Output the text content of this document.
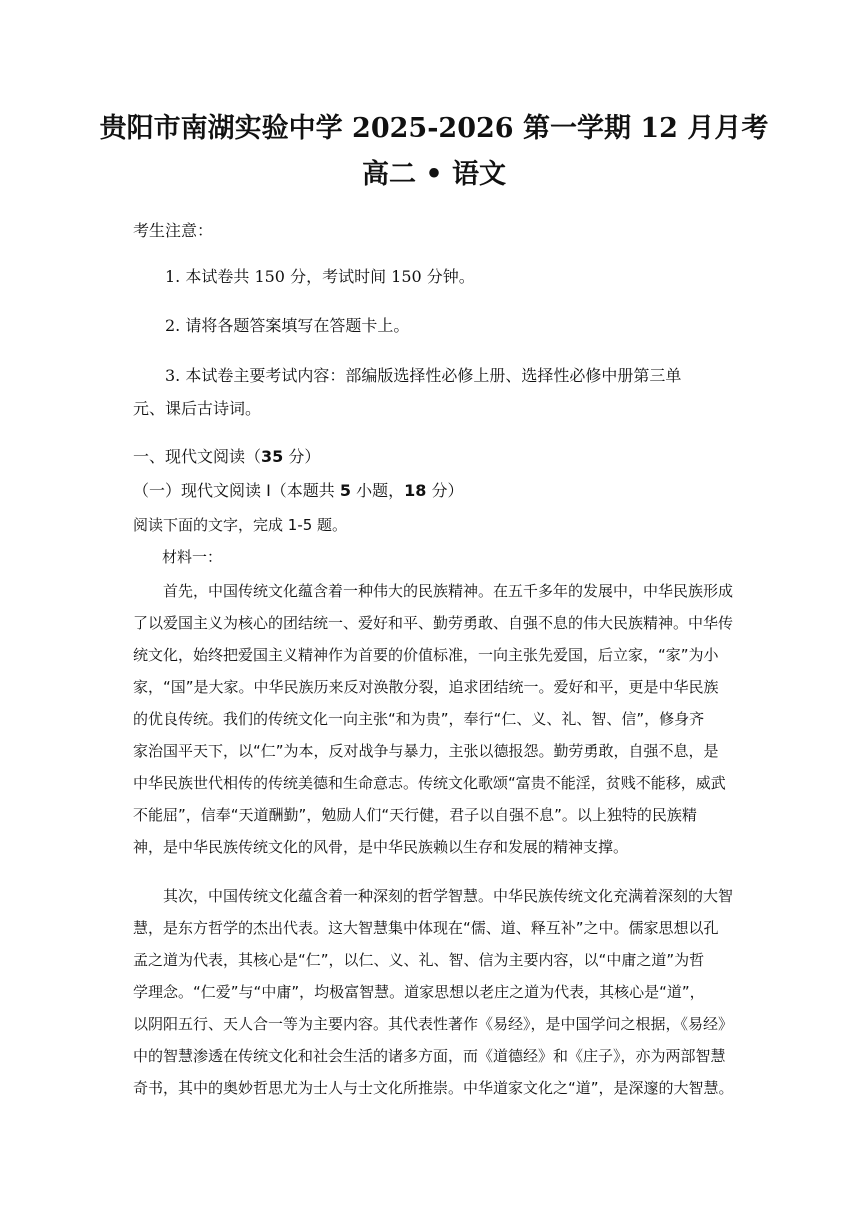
贵阳市南湖实验中学 2025-2026 第一学期 12 月月考
高二 • 语文
考生注意：
1. 本试卷共 150 分，考试时间 150 分钟。
2. 请将各题答案填写在答题卡上。
3. 本试卷主要考试内容：部编版选择性必修上册、选择性必修中册第三单
元、课后古诗词。
一、现代文阅读（35 分）
（一）现代文阅读 Ⅰ（本题共 5 小题，18 分）
阅读下面的文字，完成 1-5 题。
材料一：
首先，中国传统文化蕴含着一种伟大的民族精神。在五千多年的发展中，中华民族形成
了以爱国主义为核心的团结统一、爱好和平、勤劳勇敢、自强不息的伟大民族精神。中华传
统文化，始终把爱国主义精神作为首要的价值标准，一向主张先爱国，后立家，“家”为小
家，“国”是大家。中华民族历来反对涣散分裂，追求团结统一。爱好和平，更是中华民族
的优良传统。我们的传统文化一向主张“和为贵”，奉行“仁、义、礼、智、信”，修身齐
家治国平天下，以“仁”为本，反对战争与暴力，主张以德报怨。勤劳勇敢，自强不息，是
中华民族世代相传的传统美德和生命意志。传统文化歌颂“富贵不能淫，贫贱不能移，威武
不能屈”，信奉“天道酬勤”，勉励人们“天行健，君子以自强不息”。以上独特的民族精
神，是中华民族传统文化的风骨，是中华民族赖以生存和发展的精神支撑。
其次，中国传统文化蕴含着一种深刻的哲学智慧。中华民族传统文化充满着深刻的大智
慧，是东方哲学的杰出代表。这大智慧集中体现在“儒、道、释互补”之中。儒家思想以孔
孟之道为代表，其核心是“仁”，以仁、义、礼、智、信为主要内容，以“中庸之道”为哲
学理念。“仁爱”与“中庸”，均极富智慧。道家思想以老庄之道为代表，其核心是“道”，
以阴阳五行、天人合一等为主要内容。其代表性著作《易经》，是中国学问之根据，《易经》
中的智慧渗透在传统文化和社会生活的诸多方面，而《道德经》和《庄子》，亦为两部智慧
奇书，其中的奥妙哲思尤为士人与士文化所推崇。中华道家文化之“道”，是深邃的大智慧。
